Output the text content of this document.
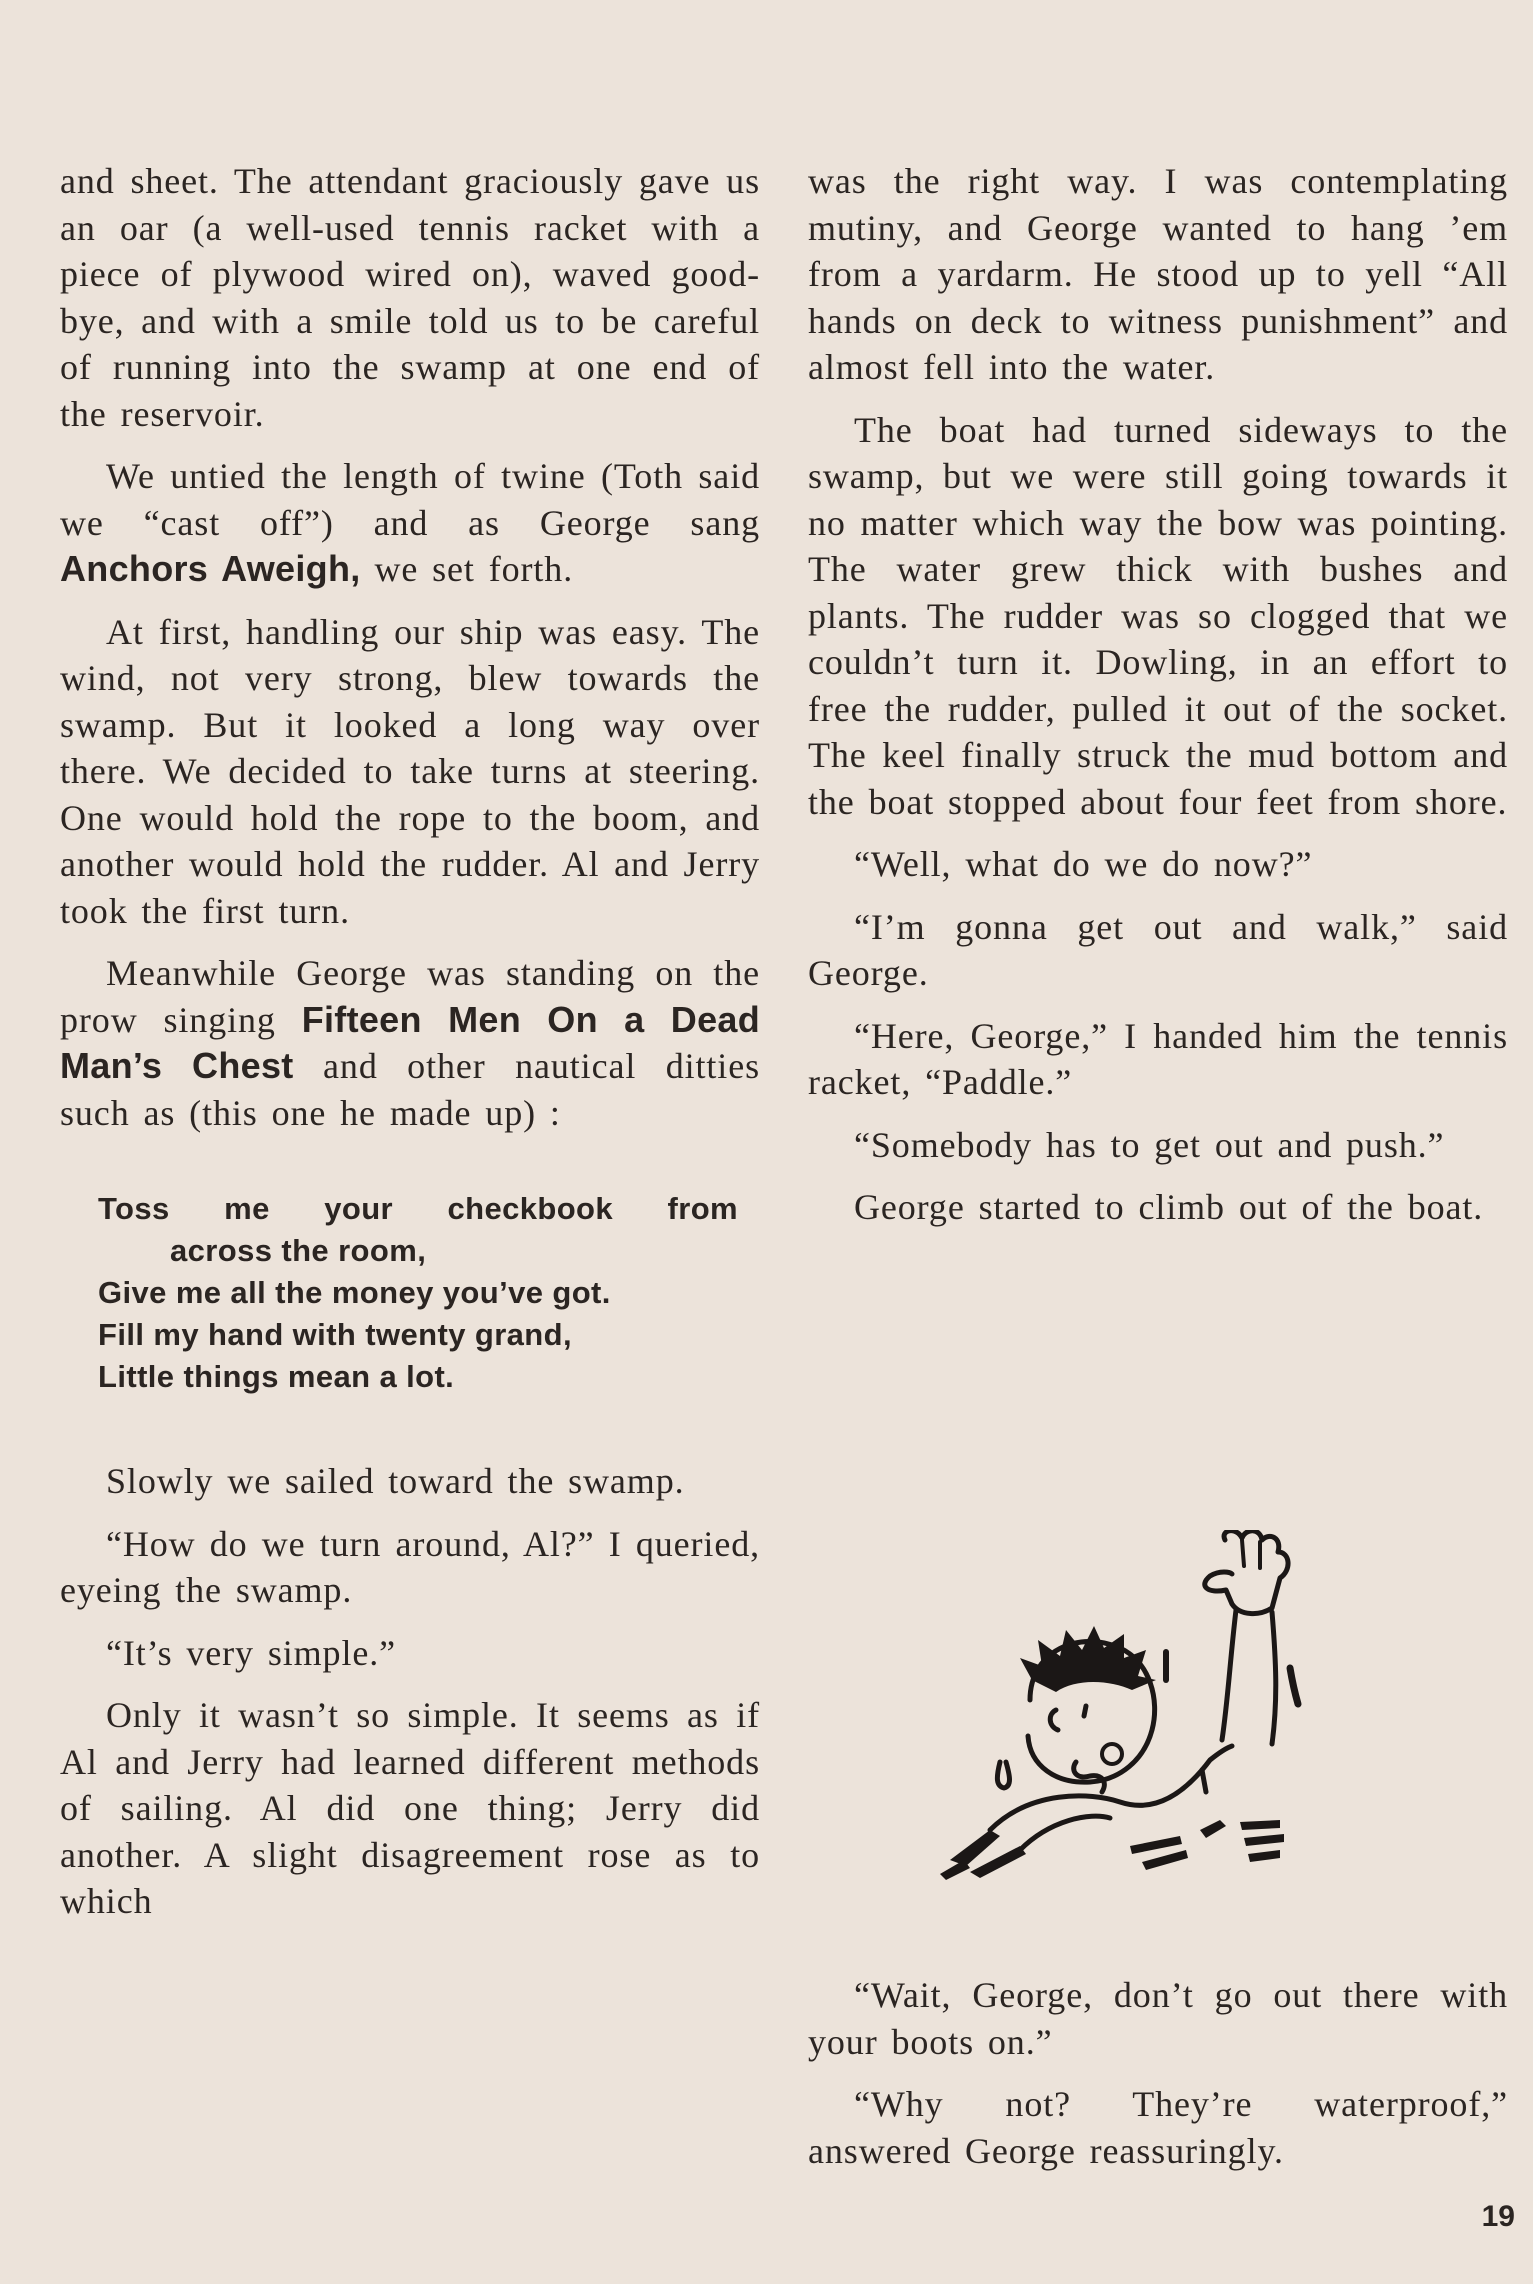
and sheet. The attendant graciously gave us an oar (a well-used tennis racket with a piece of plywood wired on), waved good-bye, and with a smile told us to be careful of running into the swamp at one end of the reservoir.

We untied the length of twine (Toth said we “cast off”) and as George sang Anchors Aweigh, we set forth.

At first, handling our ship was easy. The wind, not very strong, blew towards the swamp. But it looked a long way over there. We decided to take turns at steering. One would hold the rope to the boom, and another would hold the rudder. Al and Jerry took the first turn.

Meanwhile George was standing on the prow singing Fifteen Men On a Dead Man’s Chest and other nautical ditties such as (this one he made up) :

Toss me your checkbook from
across the room,
Give me all the money you’ve got.
Fill my hand with twenty grand,
Little things mean a lot.

Slowly we sailed toward the swamp.

“How do we turn around, Al?” I queried, eyeing the swamp.

“It’s very simple.”

Only it wasn’t so simple. It seems as if Al and Jerry had learned different methods of sailing. Al did one thing; Jerry did another. A slight disagreement rose as to which

was the right way. I was contemplating mutiny, and George wanted to hang ’em from a yardarm. He stood up to yell “All hands on deck to witness punishment” and almost fell into the water.

The boat had turned sideways to the swamp, but we were still going towards it no matter which way the bow was pointing. The water grew thick with bushes and plants. The rudder was so clogged that we couldn’t turn it. Dowling, in an effort to free the rudder, pulled it out of the socket. The keel finally struck the mud bottom and the boat stopped about four feet from shore.

“Well, what do we do now?”

“I’m gonna get out and walk,” said George.

“Here, George,” I handed him the tennis racket, “Paddle.”

“Somebody has to get out and push.”

George started to climb out of the boat.

“Wait, George, don’t go out there with your boots on.”

“Why not? They’re waterproof,” answered George reassuringly.

19
